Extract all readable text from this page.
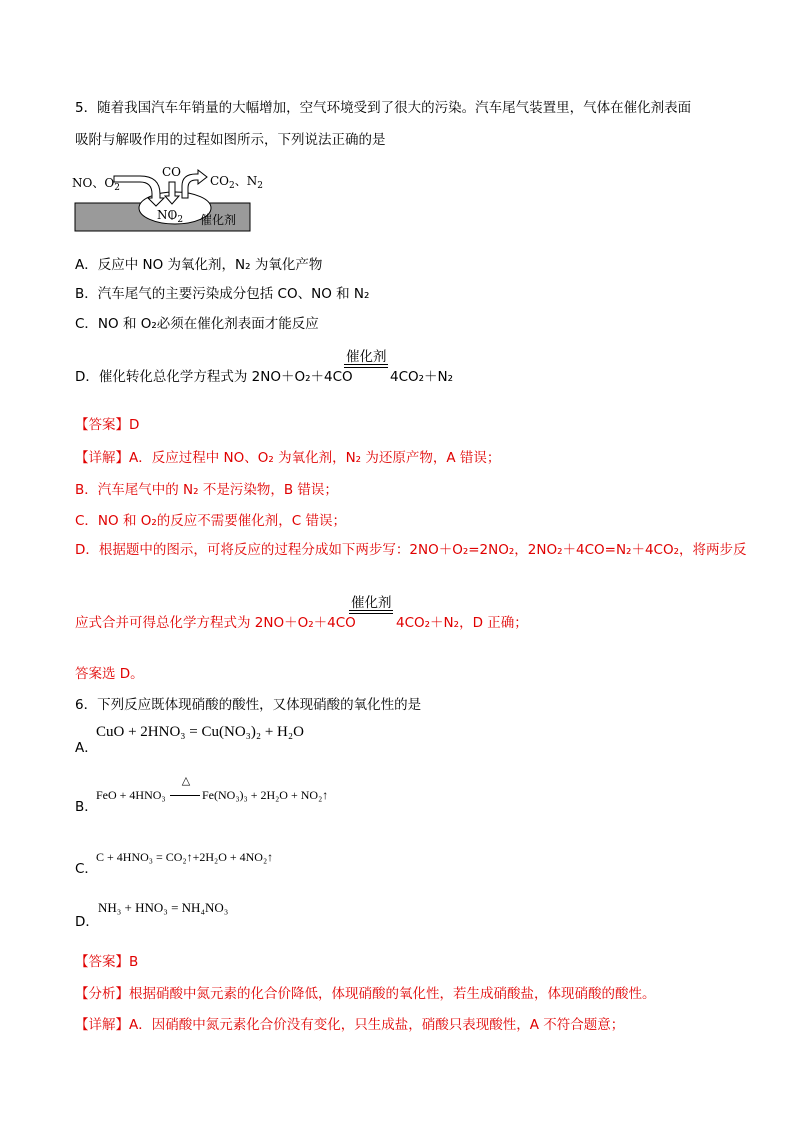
5．随着我国汽车年销量的大幅增加，空气环境受到了很大的污染。汽车尾气装置里，气体在催化剂表面
吸附与解吸作用的过程如图所示，下列说法正确的是
NO、$O_2$
CO
$CO_2$、$N_2$
$NO_2$ 催化剂
A．反应中 NO 为氧化剂，N₂ 为氧化产物
B．汽车尾气的主要污染成分包括 CO、NO 和 N₂
C．NO 和 O₂必须在催化剂表面才能反应
D．催化转化总化学方程式为 2NO＋O₂＋4CO
催化剂
4CO₂＋N₂
【答案】D
【详解】A．反应过程中 NO、O₂ 为氧化剂，N₂ 为还原产物，A 错误；
B．汽车尾气中的 N₂ 不是污染物，B 错误；
C．NO 和 O₂的反应不需要催化剂，C 错误；
D．根据题中的图示，可将反应的过程分成如下两步写：2NO＋O₂=2NO₂，2NO₂＋4CO=N₂＋4CO₂，将两步反
催化剂
应式合并可得总化学方程式为 2NO＋O₂＋4CO	4CO₂＋N₂，D 正确；
答案选 D。
6．下列反应既体现硝酸的酸性，又体现硝酸的氧化性的是
A．
CuO + 2HNO₃ = Cu(NO₃)₂ + H₂O
B．
FeO + 4HNO₃
△
Fe(NO₃)₃ + 2H₂O + NO₂↑
C．
C + 4HNO₃ = CO₂↑+2H₂O + 4NO₂↑
D．
NH₃ + HNO₃ = NH₄NO₃
【答案】B
【分析】根据硝酸中氮元素的化合价降低，体现硝酸的氧化性，若生成硝酸盐，体现硝酸的酸性。
【详解】A．因硝酸中氮元素化合价没有变化，只生成盐，硝酸只表现酸性，A 不符合题意；
